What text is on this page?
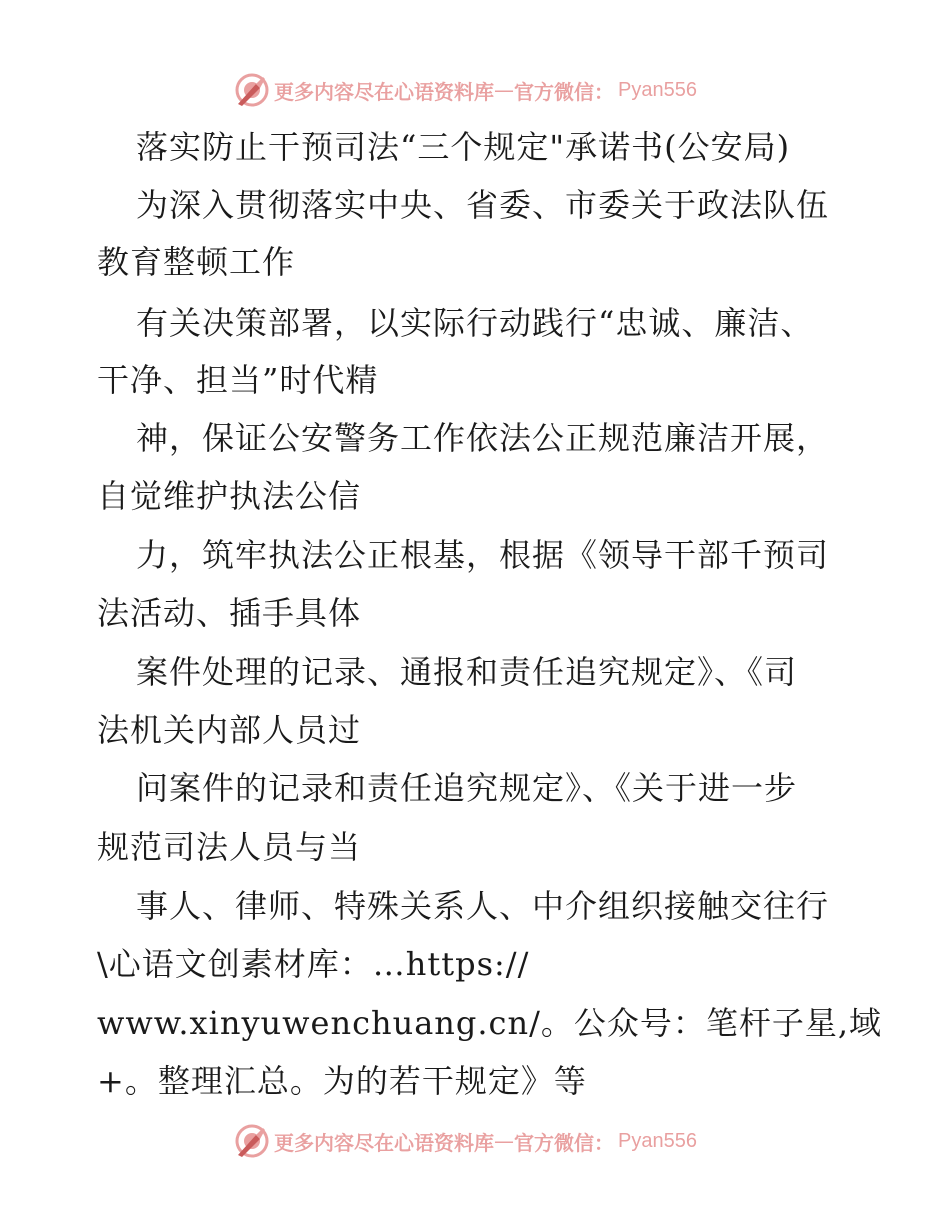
更多内容尽在心语资料库 — 官方微信： Pyan556
落实防止干预司法“三个规定"承诺书(公安局)
为深入贯彻落实中央、省委、市委关于政法队伍
教育整顿工作
有关决策部署，以实际行动践行“忠诚、廉洁、
干净、担当”时代精
神，保证公安警务工作依法公正规范廉洁开展，
自觉维护执法公信
力，筑牢执法公正根基，根据《领导干部千预司
法活动、插手具体
案件处理的记录、通报和责任追究规定》、《司
法机关内部人员过
问案件的记录和责任追究规定》、《关于进一步
规范司法人员与当
事人、律师、特殊关系人、中介组织接触交往行
\心语文创素材库：…https://
www.xinyuwenchuang.cn/。公众号：笔杆子星,域
+。整理汇总。为的若干规定》等
更多内容尽在心语资料库 — 官方微信： Pyan556
